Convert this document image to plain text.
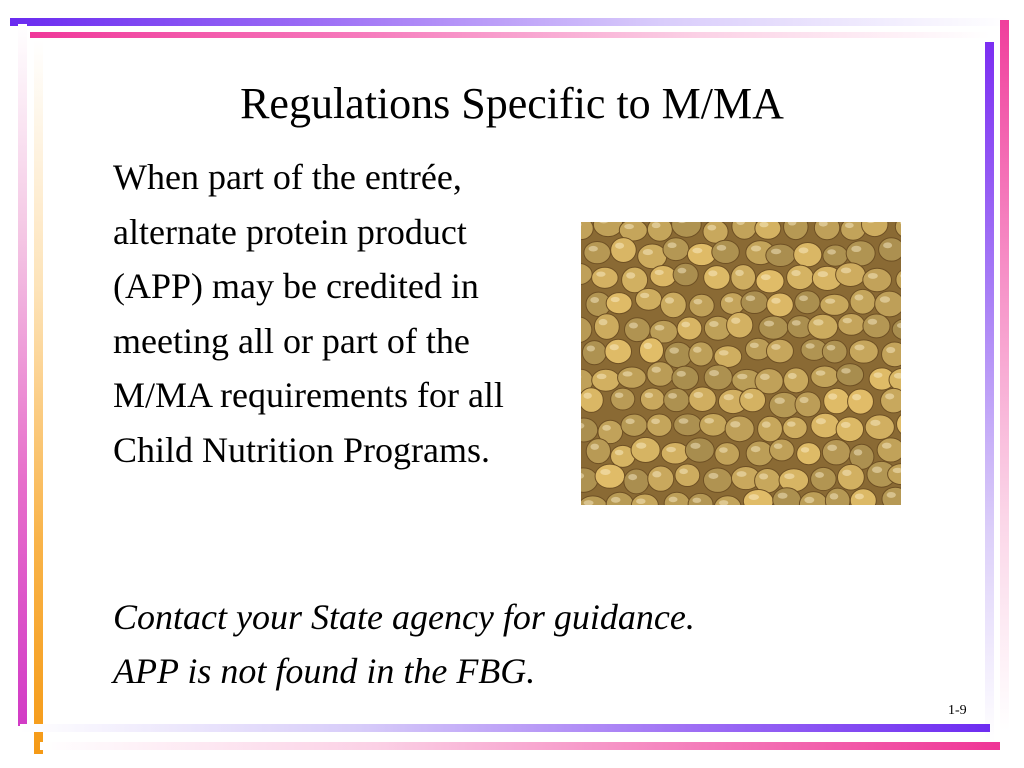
Regulations Specific to M/MA
When part of the entrée, alternate protein product (APP) may be credited in meeting all or part of the M/MA requirements for all Child Nutrition Programs.
Contact your State agency for guidance.
APP is not found in the FBG.
1-9
